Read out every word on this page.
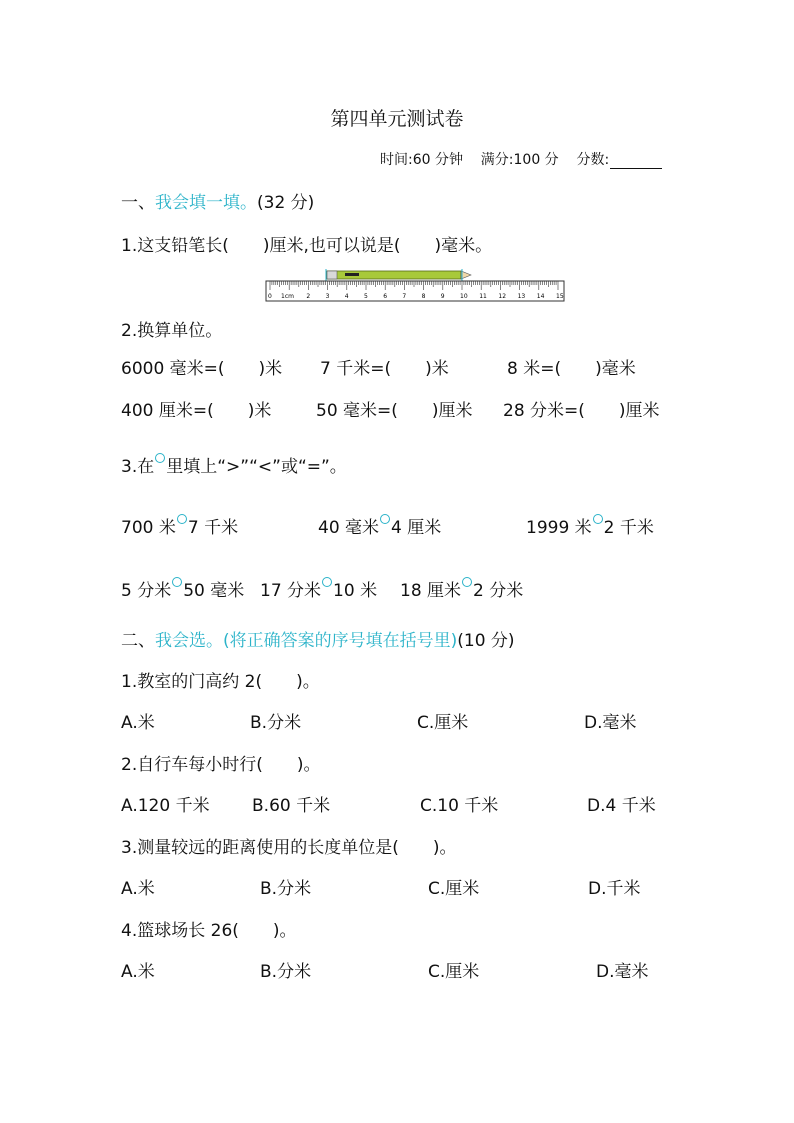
第四单元测试卷
时间:60 分钟 满分:100 分 分数:
一、我会填一填。(32 分)
1.这支铅笔长(　　)厘米,也可以说是(　　)毫米。
0	2	3	4	5	6	7	8	9	10 11 12 13 14 15
1cm
2.换算单位。
6000 毫米=(　　)米 7 千米=(　　)米	8 米=(　　)毫米
400 厘米=(　　)米	50 毫米=(　　)厘米 28 分米=(　　)厘米
3.在 里填上“>”“<”或“=”。
700 米 7 千米	40 毫米 4 厘米	1999 米 2 千米
5 分米 50 毫米 17 分米 10 米 18 厘米 2 分米
二、我会选。(将正确答案的序号填在括号里)(10 分)
1.教室的门高约 2(　　)。
A.米	B.分米	C.厘米	D.毫米
2.自行车每小时行(　　)。
A.120 千米 B.60 千米	C.10 千米	D.4 千米
3.测量较远的距离使用的长度单位是(　　)。
A.米	B.分米	C.厘米	D.千米
4.篮球场长 26(　　)。
A.米	B.分米	C.厘米	D.毫米
